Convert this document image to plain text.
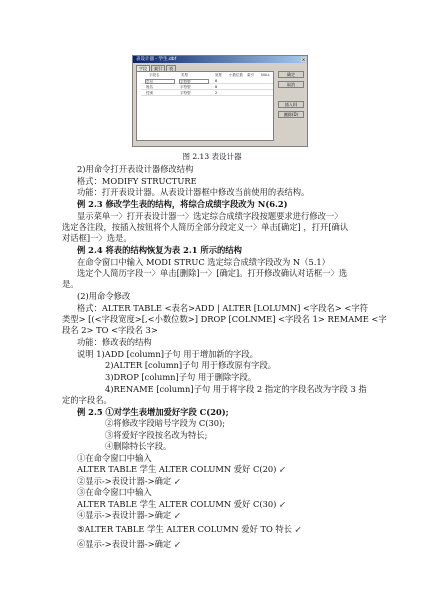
表设计器 - 学生.dbf	×
字段	索引	表
字段名	类型	宽度 小数位数 索引 NULL
学号	字符型	8
姓名	字符型	8
性别	字符型	2
确定
取消
插入(I)
删除(D)
图 2.13 表设计器
2)用命令打开表设计器修改结构
格式：MODIFY STRUCTURE
功能：打开表设计器。从表设计器框中修改当前使用的表结构。
例 2.3 修改学生表的结构，将综合成绩字段改为 N(6.2)
显示菜单一〉打开表设计器一〉选定综合成绩字段按题要求进行修改一〉
选定各注段，按插入按钮将个人简历全部分段定义一〉单击[确定] ，打开[确认
对话框]一〉选是。
例 2.4 将表的结构恢复为表 2.1 所示的结构
在命令窗口中输入 MODI STRUC 选定综合成绩字段改为 N（5.1）
选定个人简历字段一〉单击[删除]一〉[确定]。打开修改确认对话框一〉选
是。
(2)用命令修改
格式：ALTER TABLE <表名>ADD | ALTER [LOLUMN] <字段名> <字符
类型> [(<字段宽度>[,<小数位数>] DROP [COLNME] <字段名 1> REMAME <字
段名 2> TO <字段名 3>
功能：修改表的结构
说明 1)ADD [column]子句 用于增加新的字段。
2)ALTER [column]子句 用于修改原有字段。
3)DROP [column]子句 用于删除字段。
4)RENAME [column]子句 用于将字段 2 指定的字段名改为字段 3 指
定的字段名。
例 2.5 ①对学生表增加爱好字段 C(20);
②将修改字段暗号字段为 C(30);
③将爱好字段按名改为特长;
④删除特长字段。
①在命令窗口中输入
ALTER TABLE 学生 ALTER COLUMN 爱好 C(20) ↙
②显示->表设计器->确定 ↙
③在命令窗口中输入
ALTER TABLE 学生 ALTER COLUMN 爱好 C(30) ↙
④显示->表设计器->确定 ↙
⑤ALTER TABLE 学生 ALTER COLUMN 爱好 TO 特长 ↙
⑥显示->表设计器->确定 ↙
